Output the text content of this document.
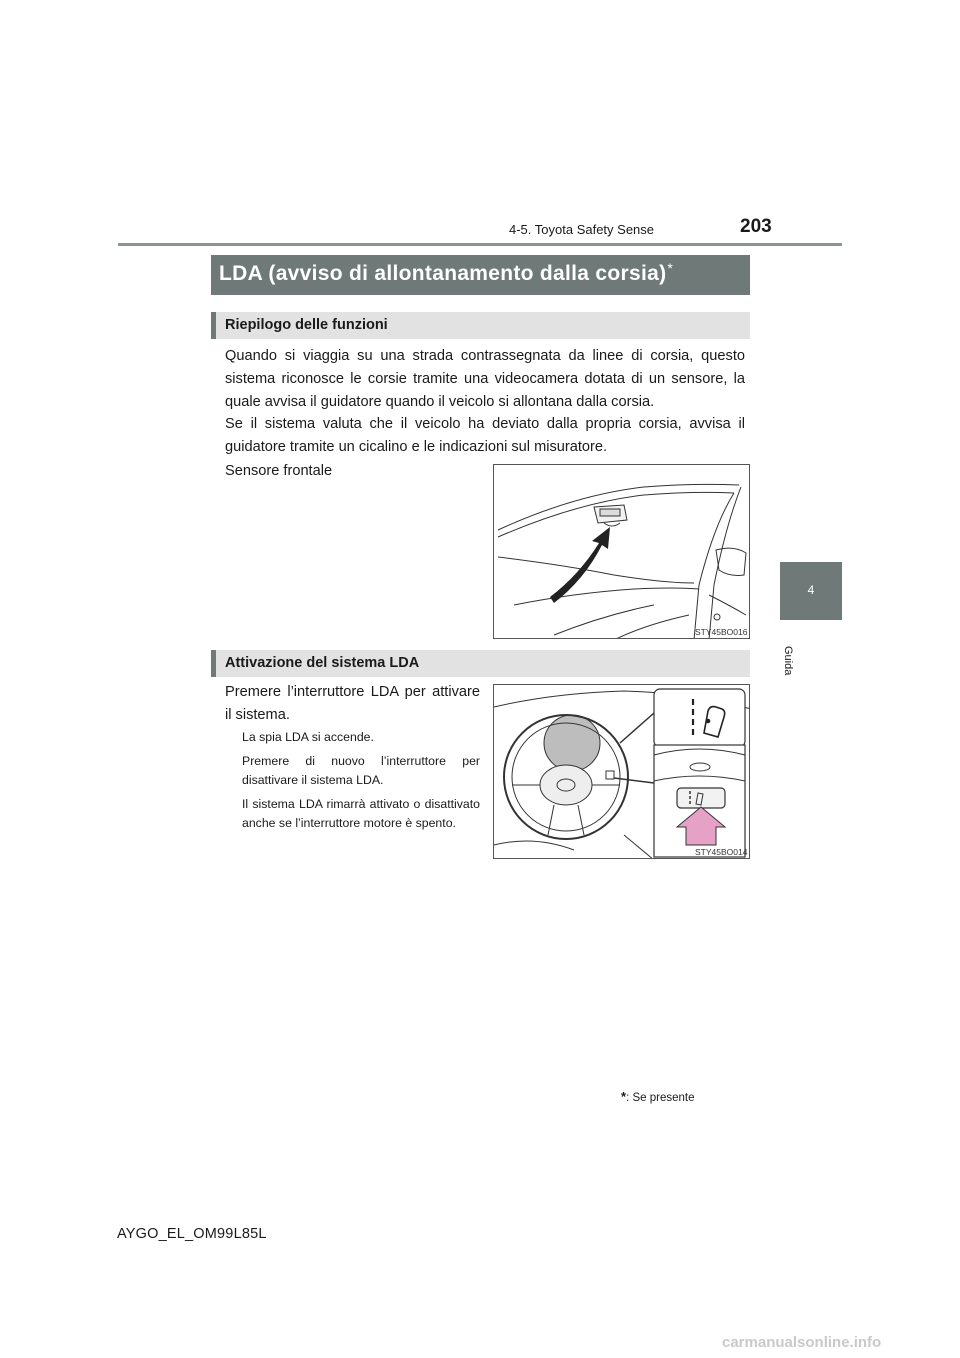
4-5. Toyota Safety Sense	203
4
Guida
LDA (avviso di allontanamento dalla corsia)*
Riepilogo delle funzioni

Quando si viaggia su una strada contrassegnata da linee di corsia, questo sistema riconosce le corsie tramite una videocamera dotata di un sensore, la quale avvisa il guidatore quando il veicolo si allontana dalla corsia.

Se il sistema valuta che il veicolo ha deviato dalla propria corsia, avvisa il guidatore tramite un cicalino e le indicazioni sul misuratore.

Sensore frontale

STY45BO016
Attivazione del sistema LDA

Premere l’interruttore LDA per attivare il sistema.

La spia LDA si accende.

Premere di nuovo l’interruttore per disattivare il sistema LDA.

Il sistema LDA rimarrà attivato o disattivato anche se l’interruttore motore è spento.

STY45BO014
*: Se presente
AYGO_EL_OM99L85L
carmanualsonline.info
